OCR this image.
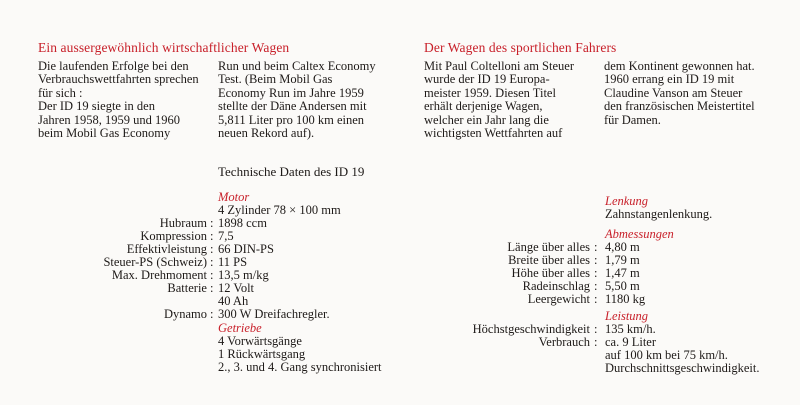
Ein aussergewöhnlich wirtschaftlicher Wagen
Die laufenden Erfolge bei den
Verbrauchswettfahrten sprechen
für sich :
Der ID 19 siegte in den
Jahren 1958, 1959 und 1960
beim Mobil Gas Economy
Run und beim Caltex Economy
Test. (Beim Mobil Gas
Economy Run im Jahre 1959
stellte der Däne Andersen mit
5,811 Liter pro 100 km einen
neuen Rekord auf).
Der Wagen des sportlichen Fahrers
Mit Paul Coltelloni am Steuer
wurde der ID 19 Europa-
meister 1959. Diesen Titel
erhält derjenige Wagen,
welcher ein Jahr lang die
wichtigsten Wettfahrten auf
dem Kontinent gewonnen hat.
1960 errang ein ID 19 mit
Claudine Vanson am Steuer
den französischen Meistertitel
für Damen.
Technische Daten des ID 19
Motor
4 Zylinder 78 × 100 mm
Hubraum : 1898 ccm
Kompression : 7,5
Effektivleistung : 66 DIN-PS
Steuer-PS (Schweiz) : 11 PS
Max. Drehmoment : 13,5 m/kg
Batterie : 12 Volt
40 Ah
Dynamo : 300 W Dreifachregler.
Getriebe
4 Vorwärtsgänge
1 Rückwärtsgang
2., 3. und 4. Gang synchronisiert
Lenkung
Zahnstangenlenkung.
Abmessungen
Länge über alles : 4,80 m
Breite über alles : 1,79 m
Höhe über alles : 1,47 m
Radeinschlag : 5,50 m
Leergewicht : 1180 kg
Leistung
Höchstgeschwindigkeit : 135 km/h.
Verbrauch : ca. 9 Liter
auf 100 km bei 75 km/h.
Durchschnittsgeschwindigkeit.
